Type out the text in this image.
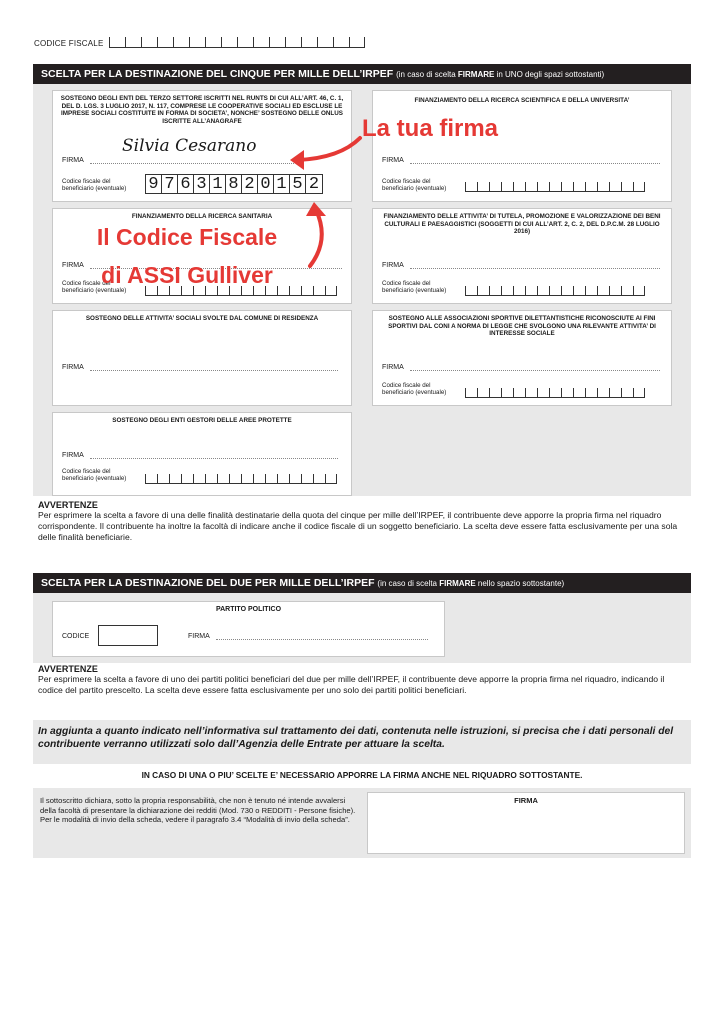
CODICE FISCALE
SCELTA PER LA DESTINAZIONE DEL CINQUE PER MILLE DELL’IRPEF (in caso di scelta FIRMARE in UNO degli spazi sottostanti)
SOSTEGNO DEGLI ENTI DEL TERZO SETTORE ISCRITTI NEL RUNTS DI CUI ALL’ART. 46, C. 1, DEL D. LGS. 3 LUGLIO 2017, N. 117, COMPRESE LE COOPERATIVE SOCIALI ED ESCLUSE LE IMPRESE SOCIALI COSTITUITE IN FORMA DI SOCIETA’, NONCHE’ SOSTEGNO DELLE ONLUS ISCRITTE ALL’ANAGRAFE
FIRMA
Silvia Cesarano
Codice fiscale del
beneficiario (eventuale)	9 7 6 3 1 8 2 0 1 5 2
FINANZIAMENTO DELLA RICERCA SCIENTIFICA E DELLA UNIVERSITA’
FIRMA
Codice fiscale del
beneficiario (eventuale)
FINANZIAMENTO DELLA RICERCA SANITARIA
FIRMA
Codice fiscale del
beneficiario (eventuale)
FINANZIAMENTO DELLE ATTIVITA’ DI TUTELA, PROMOZIONE E VALORIZZAZIONE DEI BENI CULTURALI E PAESAGGISTICI (SOGGETTI DI CUI ALL’ART. 2, C. 2, DEL D.P.C.M. 28 LUGLIO 2016)
FIRMA
Codice fiscale del
beneficiario (eventuale)
SOSTEGNO DELLE ATTIVITA’ SOCIALI SVOLTE DAL COMUNE DI RESIDENZA
FIRMA
SOSTEGNO ALLE ASSOCIAZIONI SPORTIVE DILETTANTISTICHE RICONOSCIUTE AI FINI SPORTIVI DAL CONI A NORMA DI LEGGE CHE SVOLGONO UNA RILEVANTE ATTIVITA’ DI INTERESSE SOCIALE
FIRMA
Codice fiscale del
beneficiario (eventuale)
SOSTEGNO DEGLI ENTI GESTORI DELLE AREE PROTETTE
FIRMA
Codice fiscale del
beneficiario (eventuale)
La tua firma
Il Codice Fiscale
di ASSI Gulliver
AVVERTENZE
Per esprimere la scelta a favore di una delle finalità destinatarie della quota del cinque per mille dell’IRPEF, il contribuente deve apporre la propria firma nel riquadro corrispondente. Il contribuente ha inoltre la facoltà di indicare anche il codice fiscale di un soggetto beneficiario. La scelta deve essere fatta esclusivamente per una sola delle finalità beneficiarie.
SCELTA PER LA DESTINAZIONE DEL DUE PER MILLE DELL’IRPEF (in caso di scelta FIRMARE nello spazio sottostante)
PARTITO POLITICO
CODICE	FIRMA
AVVERTENZE
Per esprimere la scelta a favore di uno dei partiti politici beneficiari del due per mille dell’IRPEF, il contribuente deve apporre la propria firma nel riquadro, indicando il codice del partito prescelto. La scelta deve essere fatta esclusivamente per uno solo dei partiti politici beneficiari.
In aggiunta a quanto indicato nell’informativa sul trattamento dei dati, contenuta nelle istruzioni, si precisa che i dati personali del contribuente verranno utilizzati solo dall’Agenzia delle Entrate per attuare la scelta.
IN CASO DI UNA O PIU’ SCELTE E’ NECESSARIO APPORRE LA FIRMA ANCHE NEL RIQUADRO SOTTOSTANTE.
Il sottoscritto dichiara, sotto la propria responsabilità, che non è tenuto né intende avvalersi della facoltà di presentare la dichiarazione dei redditi (Mod. 730 o REDDITI - Persone fisiche).
Per le modalità di invio della scheda, vedere il paragrafo 3.4 “Modalità di invio della scheda”.
FIRMA
